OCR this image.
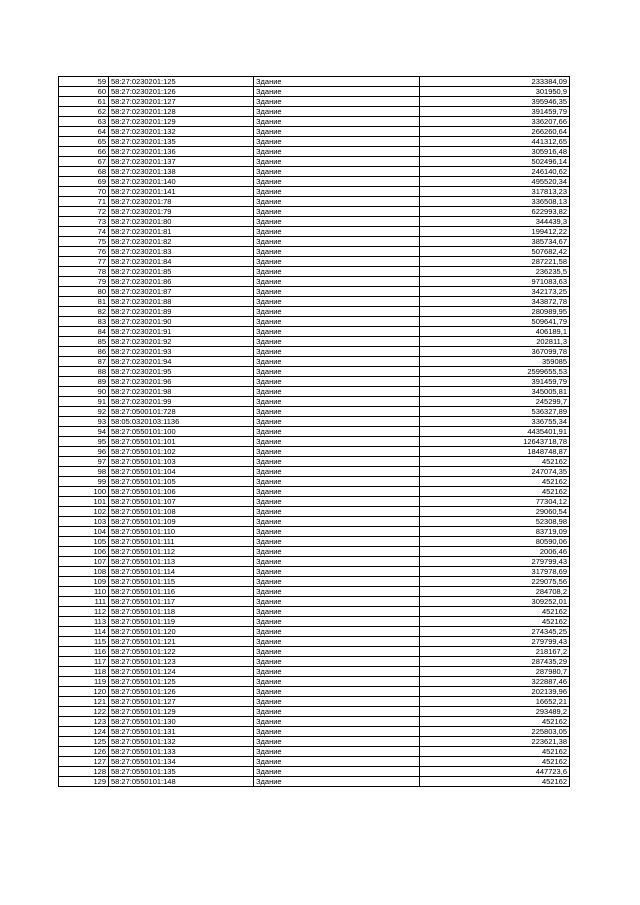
59	58:27:0230201:125	Здание	233384,09
60	58:27:0230201:126	Здание	301950,9
61	58:27:0230201:127	Здание	395946,35
62	58:27:0230201:128	Здание	391459,79
63	58:27:0230201:129	Здание	336207,66
64	58:27:0230201:132	Здание	266260,64
65	58:27:0230201:135	Здание	441312,65
66	58:27:0230201:136	Здание	305916,48
67	58:27:0230201:137	Здание	502496,14
68	58:27:0230201:138	Здание	246140,62
69	58:27:0230201:140	Здание	495520,34
70	58:27:0230201:141	Здание	317813,23
71	58:27:0230201:78	Здание	336508,13
72	58:27:0230201:79	Здание	622993,82
73	58:27:0230201:80	Здание	344439,3
74	58:27:0230201:81	Здание	199412,22
75	58:27:0230201:82	Здание	385734,67
76	58:27:0230201:83	Здание	507682,42
77	58:27:0230201:84	Здание	287221,58
78	58:27:0230201:85	Здание	236235,5
79	58:27:0230201:86	Здание	971083,63
80	58:27:0230201:87	Здание	342173,25
81	58:27:0230201:88	Здание	343872,78
82	58:27:0230201:89	Здание	280989,95
83	58:27:0230201:90	Здание	509641,79
84	58:27:0230201:91	Здание	406189,1
85	58:27:0230201:92	Здание	202811,3
86	58:27:0230201:93	Здание	367099,78
87	58:27:0230201:94	Здание	359085
88	58:27:0230201:95	Здание	2599655,53
89	58:27:0230201:96	Здание	391459,79
90	58:27:0230201:98	Здание	345005,81
91	58:27:0230201:99	Здание	245299,7
92	58:27:0500101:728	Здание	536327,89
93	58:05:0320103:1136	Здание	336755,34
94	58:27:0550101:100	Здание	4435401,91
95	58:27:0550101:101	Здание	12643718,78
96	58:27:0550101:102	Здание	1848748,87
97	58:27:0550101:103	Здание	452162
98	58:27:0550101:104	Здание	247074,35
99	58:27:0550101:105	Здание	452162
100	58:27:0550101:106	Здание	452162
101	58:27:0550101:107	Здание	77304,12
102	58:27:0550101:108	Здание	29060,54
103	58:27:0550101:109	Здание	52308,98
104	58:27:0550101:110	Здание	83719,09
105	58:27:0550101:111	Здание	80590,06
106	58:27:0550101:112	Здание	2006,46
107	58:27:0550101:113	Здание	279799,43
108	58:27:0550101:114	Здание	317978,69
109	58:27:0550101:115	Здание	229075,56
110	58:27:0550101:116	Здание	284708,2
111	58:27:0550101:117	Здание	309252,01
112	58:27:0550101:118	Здание	452162
113	58:27:0550101:119	Здание	452162
114	58:27:0550101:120	Здание	274345,25
115	58:27:0550101:121	Здание	279799,43
116	58:27:0550101:122	Здание	218167,2
117	58:27:0550101:123	Здание	287435,29
118	58:27:0550101:124	Здание	287980,7
119	58:27:0550101:125	Здание	322887,46
120	58:27:0550101:126	Здание	202139,96
121	58:27:0550101:127	Здание	16652,21
122	58:27:0550101:129	Здание	293489,2
123	58:27:0550101:130	Здание	452162
124	58:27:0550101:131	Здание	225803,05
125	58:27:0550101:132	Здание	223621,38
126	58:27:0550101:133	Здание	452162
127	58:27:0550101:134	Здание	452162
128	58:27:0550101:135	Здание	447723,6
129	58:27:0550101:148	Здание	452162
